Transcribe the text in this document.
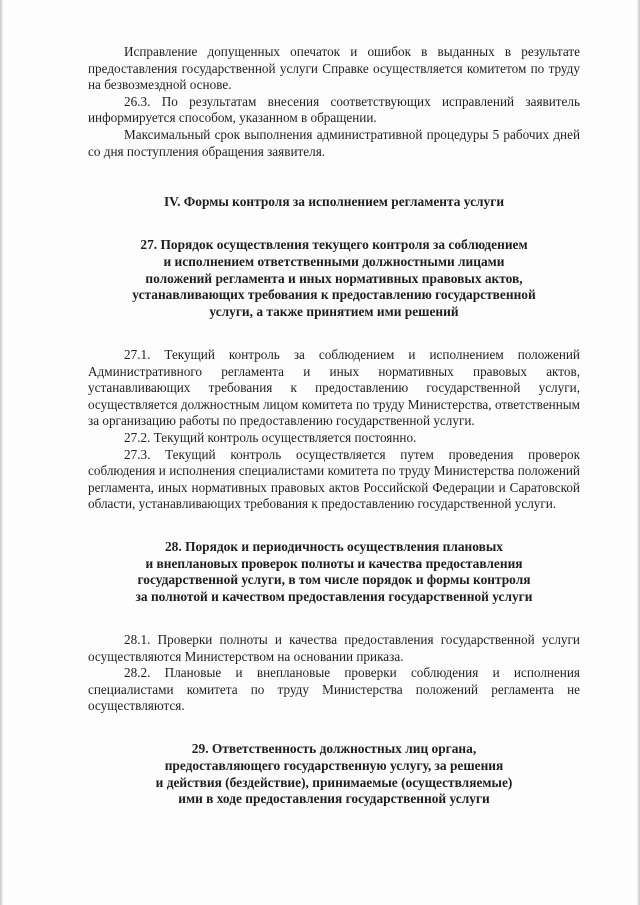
Исправление допущенных опечаток и ошибок в выданных в результате предоставления государственной услуги Справке осуществляется комитетом по труду на безвозмездной основе.

26.3. По результатам внесения соответствующих исправлений заявитель информируется способом, указанном в обращении.

Максимальный срок выполнения административной процедуры 5 рабочих дней со дня поступления обращения заявителя.

IV. Формы контроля за исполнением регламента услуги
27. Порядок осуществления текущего контроля за соблюдением
и исполнением ответственными должностными лицами
положений регламента и иных нормативных правовых актов,
устанавливающих требования к предоставлению государственной
услуги, а также принятием ими решений

27.1. Текущий контроль за соблюдением и исполнением положений Административного регламента и иных нормативных правовых актов, устанавливающих требования к предоставлению государственной услуги, осуществляется должностным лицом комитета по труду Министерства, ответственным за организацию работы по предоставлению государственной услуги.

27.2. Текущий контроль осуществляется постоянно.

27.3. Текущий контроль осуществляется путем проведения проверок соблюдения и исполнения специалистами комитета по труду Министерства положений регламента, иных нормативных правовых актов Российской Федерации и Саратовской области, устанавливающих требования к предоставлению государственной услуги.

28. Порядок и периодичность осуществления плановых
и внеплановых проверок полноты и качества предоставления
государственной услуги, в том числе порядок и формы контроля
за полнотой и качеством предоставления государственной услуги

28.1. Проверки полноты и качества предоставления государственной услуги осуществляются Министерством на основании приказа.

28.2. Плановые и внеплановые проверки соблюдения и исполнения специалистами комитета по труду Министерства положений регламента не осуществляются.

29. Ответственность должностных лиц органа,
предоставляющего государственную услугу, за решения
и действия (бездействие), принимаемые (осуществляемые)
ими в ходе предоставления государственной услуги
